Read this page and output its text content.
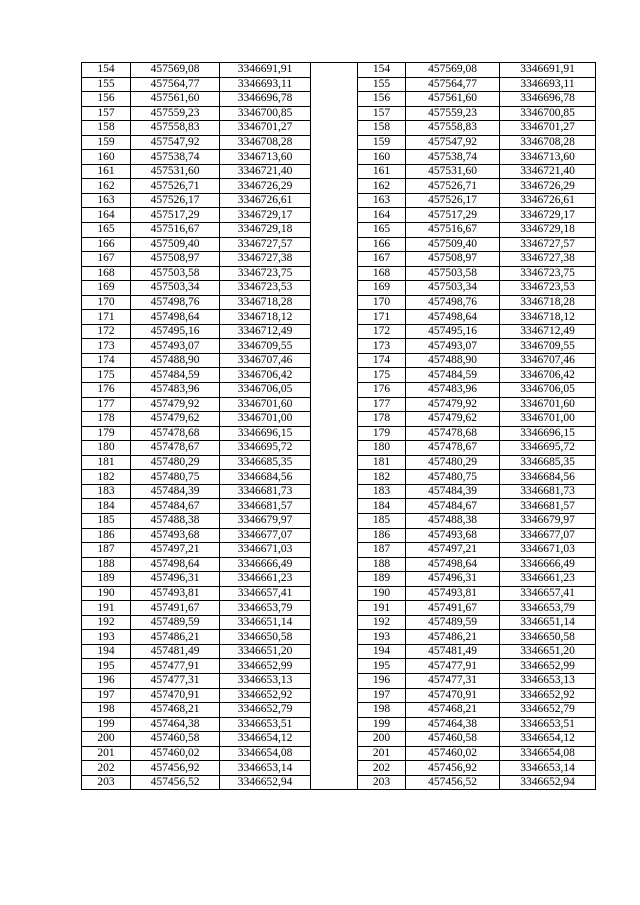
154	457569,08	3346691,91		154	457569,08	3346691,91
155	457564,77	3346693,11		155	457564,77	3346693,11
156	457561,60	3346696,78		156	457561,60	3346696,78
157	457559,23	3346700,85		157	457559,23	3346700,85
158	457558,83	3346701,27		158	457558,83	3346701,27
159	457547,92	3346708,28		159	457547,92	3346708,28
160	457538,74	3346713,60		160	457538,74	3346713,60
161	457531,60	3346721,40		161	457531,60	3346721,40
162	457526,71	3346726,29		162	457526,71	3346726,29
163	457526,17	3346726,61		163	457526,17	3346726,61
164	457517,29	3346729,17		164	457517,29	3346729,17
165	457516,67	3346729,18		165	457516,67	3346729,18
166	457509,40	3346727,57		166	457509,40	3346727,57
167	457508,97	3346727,38		167	457508,97	3346727,38
168	457503,58	3346723,75		168	457503,58	3346723,75
169	457503,34	3346723,53		169	457503,34	3346723,53
170	457498,76	3346718,28		170	457498,76	3346718,28
171	457498,64	3346718,12		171	457498,64	3346718,12
172	457495,16	3346712,49		172	457495,16	3346712,49
173	457493,07	3346709,55		173	457493,07	3346709,55
174	457488,90	3346707,46		174	457488,90	3346707,46
175	457484,59	3346706,42		175	457484,59	3346706,42
176	457483,96	3346706,05		176	457483,96	3346706,05
177	457479,92	3346701,60		177	457479,92	3346701,60
178	457479,62	3346701,00		178	457479,62	3346701,00
179	457478,68	3346696,15		179	457478,68	3346696,15
180	457478,67	3346695,72		180	457478,67	3346695,72
181	457480,29	3346685,35		181	457480,29	3346685,35
182	457480,75	3346684,56		182	457480,75	3346684,56
183	457484,39	3346681,73		183	457484,39	3346681,73
184	457484,67	3346681,57		184	457484,67	3346681,57
185	457488,38	3346679,97		185	457488,38	3346679,97
186	457493,68	3346677,07		186	457493,68	3346677,07
187	457497,21	3346671,03		187	457497,21	3346671,03
188	457498,64	3346666,49		188	457498,64	3346666,49
189	457496,31	3346661,23		189	457496,31	3346661,23
190	457493,81	3346657,41		190	457493,81	3346657,41
191	457491,67	3346653,79		191	457491,67	3346653,79
192	457489,59	3346651,14		192	457489,59	3346651,14
193	457486,21	3346650,58		193	457486,21	3346650,58
194	457481,49	3346651,20		194	457481,49	3346651,20
195	457477,91	3346652,99		195	457477,91	3346652,99
196	457477,31	3346653,13		196	457477,31	3346653,13
197	457470,91	3346652,92		197	457470,91	3346652,92
198	457468,21	3346652,79		198	457468,21	3346652,79
199	457464,38	3346653,51		199	457464,38	3346653,51
200	457460,58	3346654,12		200	457460,58	3346654,12
201	457460,02	3346654,08		201	457460,02	3346654,08
202	457456,92	3346653,14		202	457456,92	3346653,14
203	457456,52	3346652,94		203	457456,52	3346652,94
